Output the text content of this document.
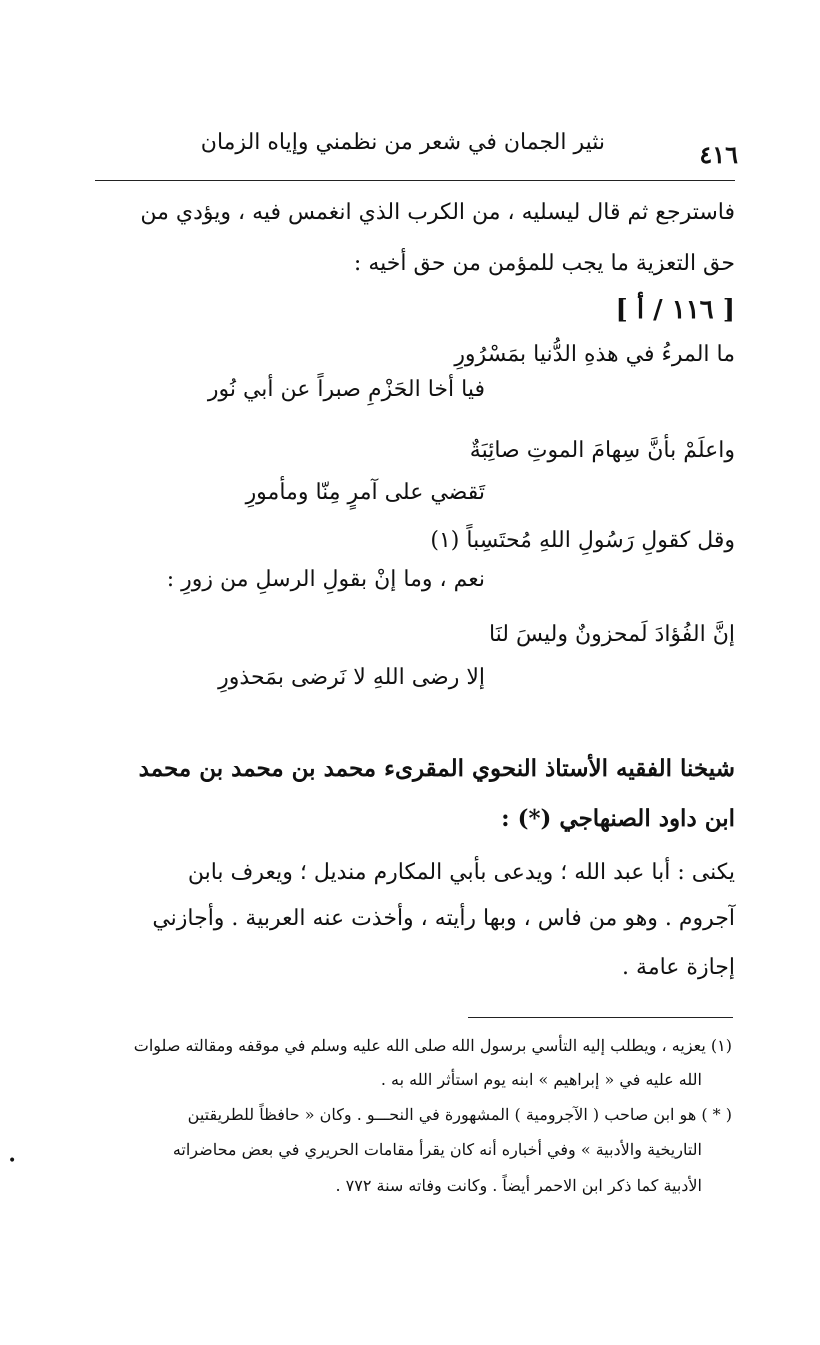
نثير الجمان في شعر من نظمني وإياه الزمان	٤١٦
فاسترجع ثم قال ليسليه ، من الكرب الذي انغمس فيه ، ويؤدي من
حق التعزية ما يجب للمؤمن من حق أخيه :
[ ١١٦ / أ ]
ما المرءُ في هذهِ الدُّنيا بمَسْرُورِ
فيا أخا الحَزْمِ صبراً عن أبي نُور
واعلَمْ بأنَّ سِهامَ الموتِ صائِبَةٌ
تَقضي على آمرٍ مِنّا ومأمورِ
وقل كقولِ رَسُولِ اللهِ مُحتَسِباً (١)
نعم ، وما إنْ بقولِ الرسلِ من زورِ :
إنَّ الفُؤادَ لَمحزونٌ وليسَ لنَا
إلا رضى اللهِ لا نَرضى بمَحذورِ
شيخنا الفقيه الأستاذ النحوي المقرىء محمد بن محمد بن محمد
ابن داود الصنهاجي (*) :
يكنى : أبا عبد الله ؛ ويدعى بأبي المكارم منديل ؛ ويعرف بابن
آجروم . وهو من فاس ، وبها رأيته ، وأخذت عنه العربية . وأجازني
إجازة عامة .
(١) يعزيه ، ويطلب إليه التأسي برسول الله صلى الله عليه وسلم في موقفه ومقالته صلوات
الله عليه في « إبراهيم » ابنه يوم استأثر الله به .
( * ) هو ابن صاحب ( الآجرومية ) المشهورة في النحـــو . وكان « حافظاً للطريقتين
التاريخية والأدبية » وفي أخباره أنه كان يقرأ مقامات الحريري في بعض محاضراته
الأدبية كما ذكر ابن الاحمر أيضاً . وكانت وفاته سنة ٧٧٢ .
•
